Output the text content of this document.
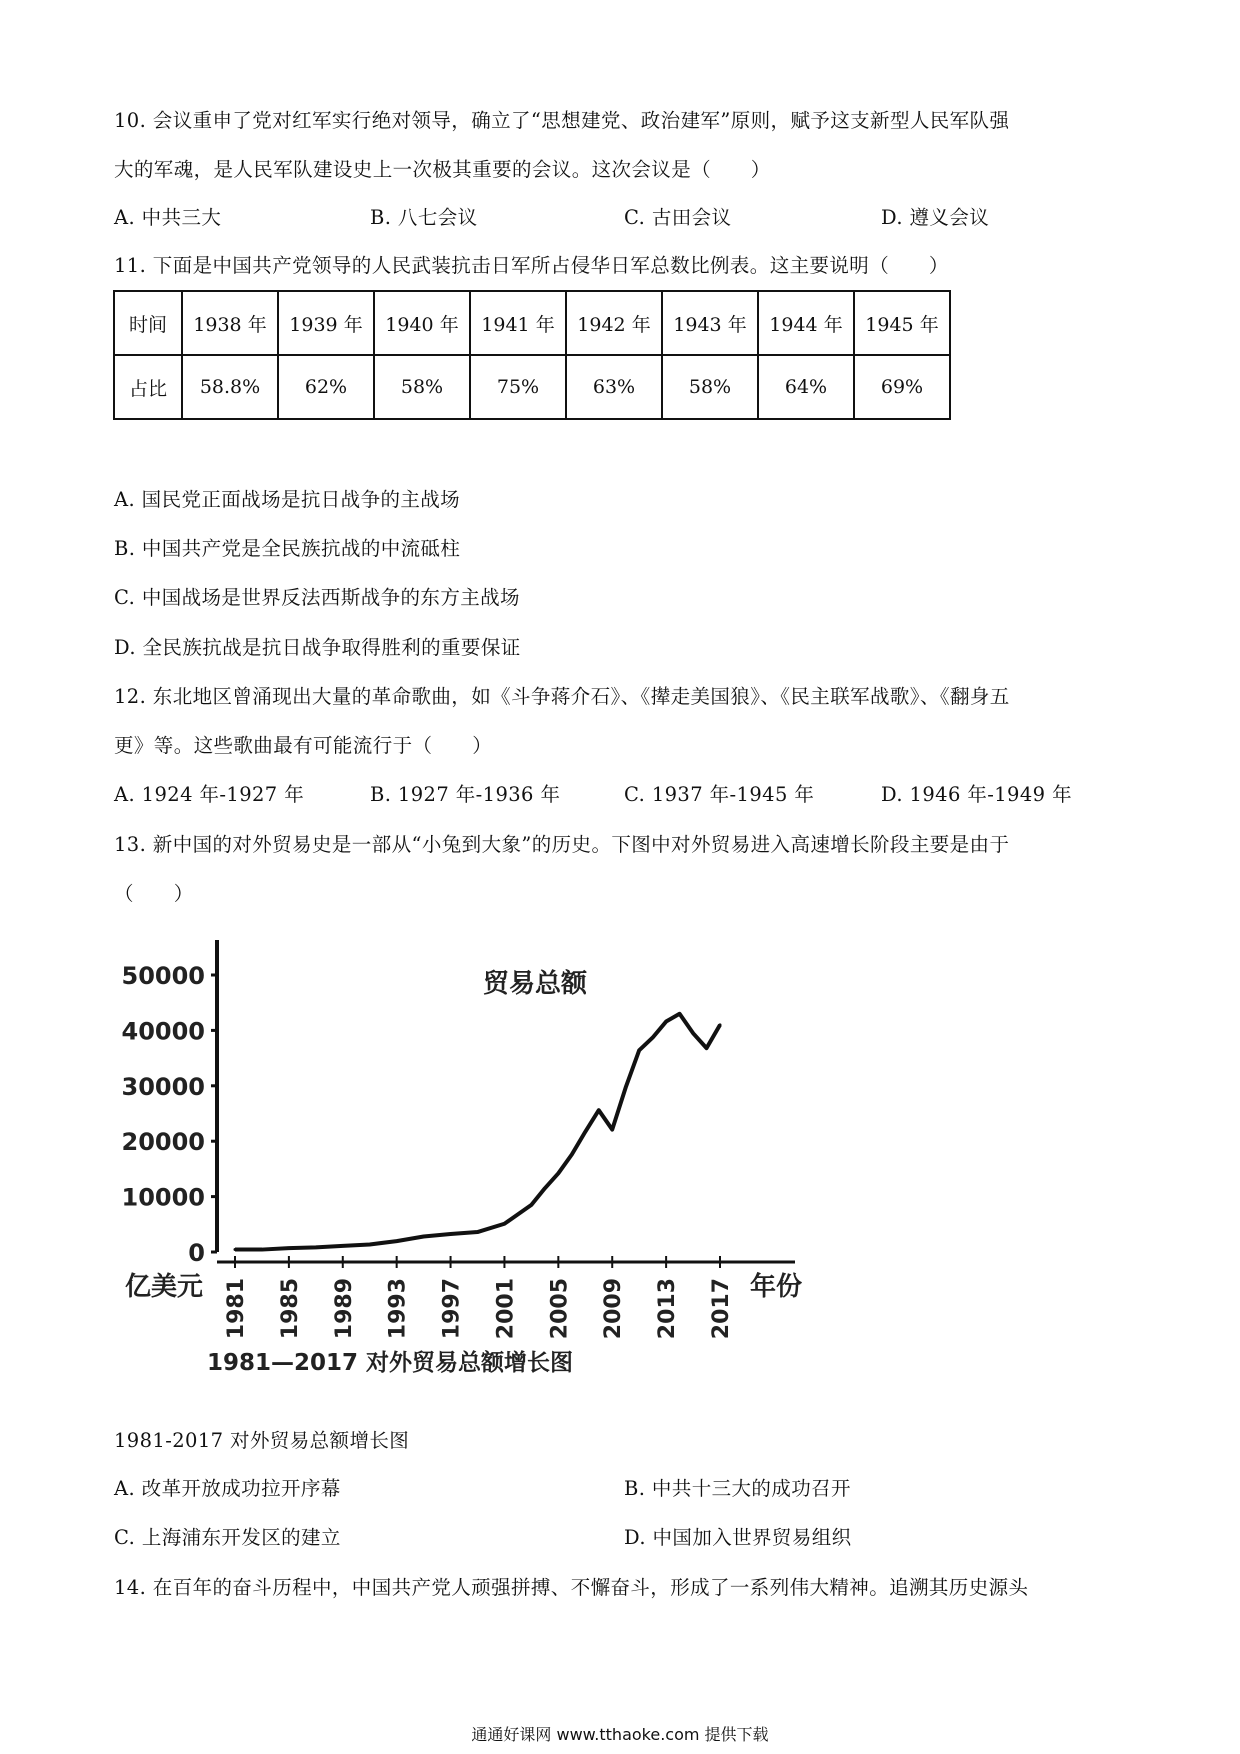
10. 会议重申了党对红军实行绝对领导，确立了“思想建党、政治建军”原则，赋予这支新型人民军队强
大的军魂，是人民军队建设史上一次极其重要的会议。这次会议是（　　）
A. 中共三大	B. 八七会议	C. 古田会议	D. 遵义会议
11. 下面是中国共产党领导的人民武装抗击日军所占侵华日军总数比例表。这主要说明（　　）
时间	1938 年	1939 年	1940 年	1941 年	1942 年	1943 年	1944 年	1945 年
占比	58.8%	62%	58%	75%	63%	58%	64%	69%
A. 国民党正面战场是抗日战争的主战场
B. 中国共产党是全民族抗战的中流砥柱
C. 中国战场是世界反法西斯战争的东方主战场
D. 全民族抗战是抗日战争取得胜利的重要保证
12. 东北地区曾涌现出大量的革命歌曲，如《斗争蒋介石》、《撵走美国狼》、《民主联军战歌》、《翻身五
更》等。这些歌曲最有可能流行于（　　）
A. 1924 年-1927 年	B. 1927 年-1936 年	C. 1937 年-1945 年	D. 1946 年-1949 年
13. 新中国的对外贸易史是一部从“小兔到大象”的历史。下图中对外贸易进入高速增长阶段主要是由于
（　　）
贸易总额
亿美元	年份
1981—2017 对外贸易总额增长图
0
10000
20000
30000
40000
50000
1981 1985 1989 1993 1997 2001 2005 2009 2013 2017
1981-2017 对外贸易总额增长图
A. 改革开放成功拉开序幕	B. 中共十三大的成功召开
C. 上海浦东开发区的建立	D. 中国加入世界贸易组织
14. 在百年的奋斗历程中，中国共产党人顽强拼搏、不懈奋斗，形成了一系列伟大精神。追溯其历史源头
通通好课网 www.tthaoke.com 提供下载
